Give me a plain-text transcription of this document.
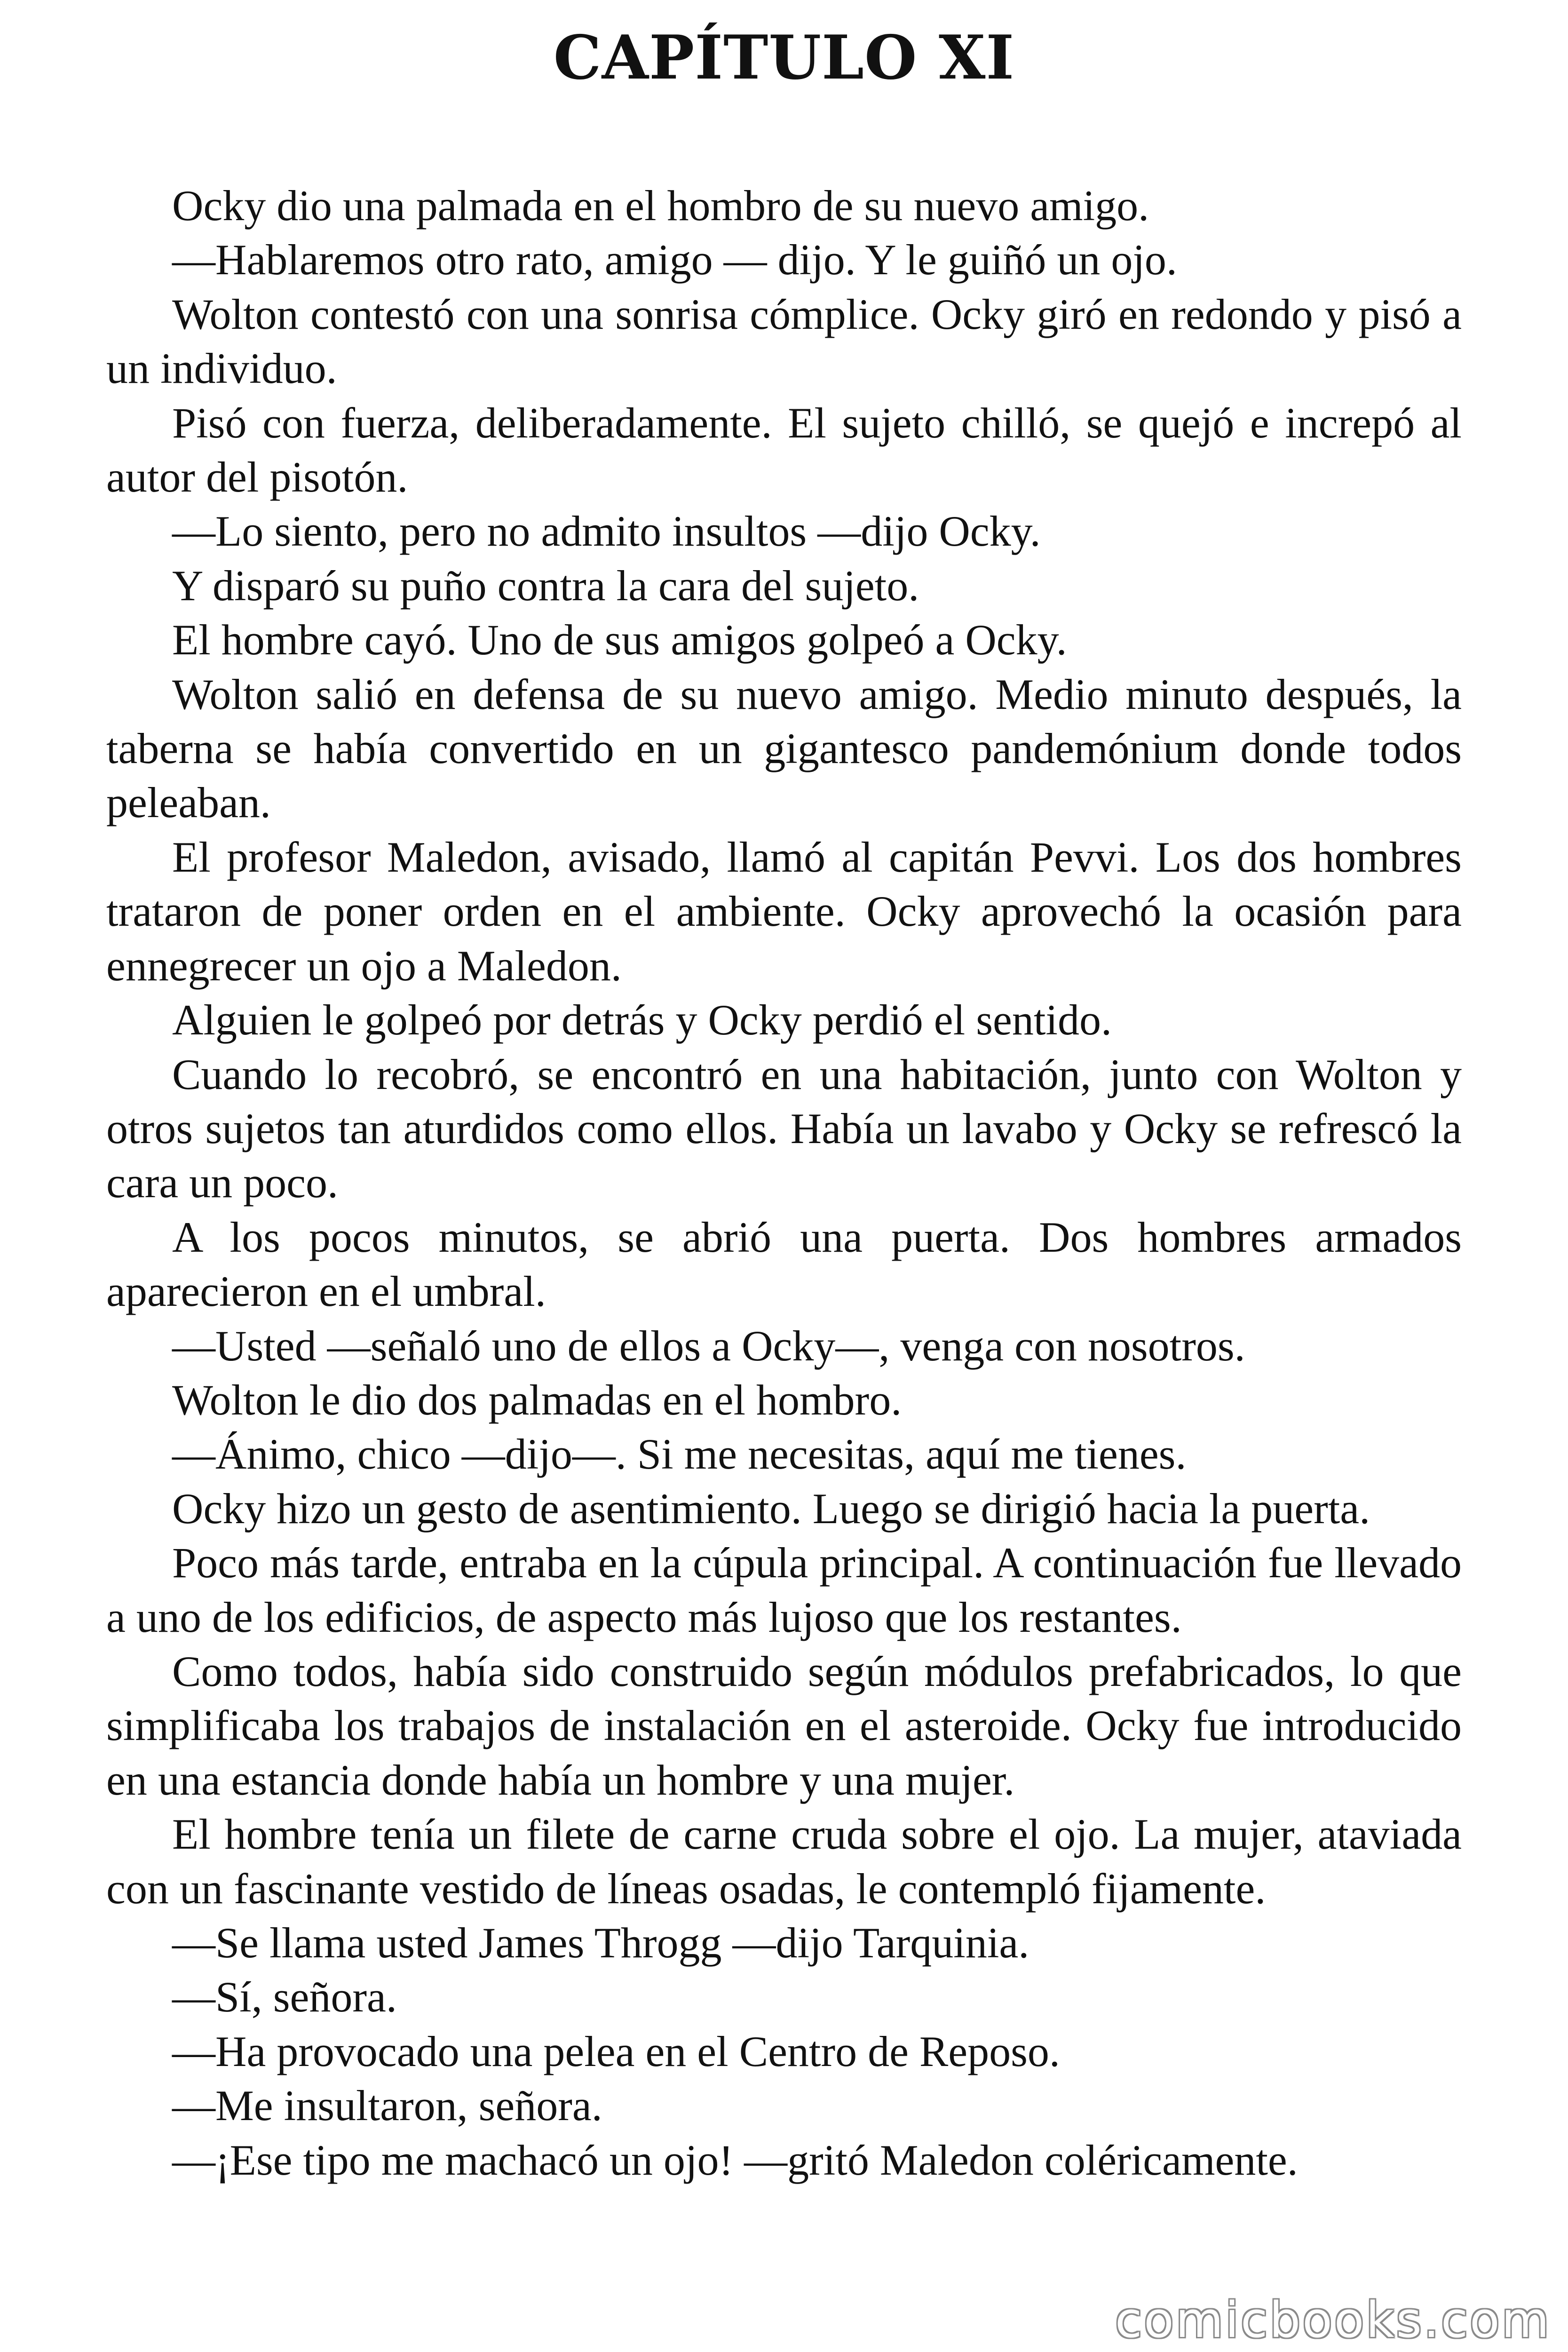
CAPÍTULO XI

Ocky dio una palmada en el hombro de su nuevo amigo.

—Hablaremos otro rato, amigo — dijo. Y le guiñó un ojo.

Wolton contestó con una sonrisa cómplice. Ocky giró en redondo y pisó a un individuo.

Pisó con fuerza, deliberadamente. El sujeto chilló, se quejó e increpó al autor del pisotón.

—Lo siento, pero no admito insultos —dijo Ocky.

Y disparó su puño contra la cara del sujeto.

El hombre cayó. Uno de sus amigos golpeó a Ocky.

Wolton salió en defensa de su nuevo amigo. Medio minuto después, la taberna se había convertido en un gigantesco pandemónium donde todos peleaban.

El profesor Maledon, avisado, llamó al capitán Pevvi. Los dos hombres trataron de poner orden en el ambiente. Ocky aprovechó la ocasión para ennegrecer un ojo a Maledon.

Alguien le golpeó por detrás y Ocky perdió el sentido.

Cuando lo recobró, se encontró en una habitación, junto con Wolton y otros sujetos tan aturdidos como ellos. Había un lavabo y Ocky se refrescó la cara un poco.

A los pocos minutos, se abrió una puerta. Dos hombres armados aparecieron en el umbral.

—Usted —señaló uno de ellos a Ocky—, venga con nosotros.

Wolton le dio dos palmadas en el hombro.

—Ánimo, chico —dijo—. Si me necesitas, aquí me tienes.

Ocky hizo un gesto de asentimiento. Luego se dirigió hacia la puerta.

Poco más tarde, entraba en la cúpula principal. A continuación fue llevado a uno de los edificios, de aspecto más lujoso que los restantes.

Como todos, había sido construido según módulos prefabricados, lo que simplificaba los trabajos de instalación en el asteroide. Ocky fue introducido en una estancia donde había un hombre y una mujer.

El hombre tenía un filete de carne cruda sobre el ojo. La mujer, ataviada con un fascinante vestido de líneas osadas, le contempló fijamente.

—Se llama usted James Throgg —dijo Tarquinia.

—Sí, señora.

—Ha provocado una pelea en el Centro de Reposo.

—Me insultaron, señora.

—¡Ese tipo me machacó un ojo! —gritó Maledon coléricamente.

comicbooks.com
